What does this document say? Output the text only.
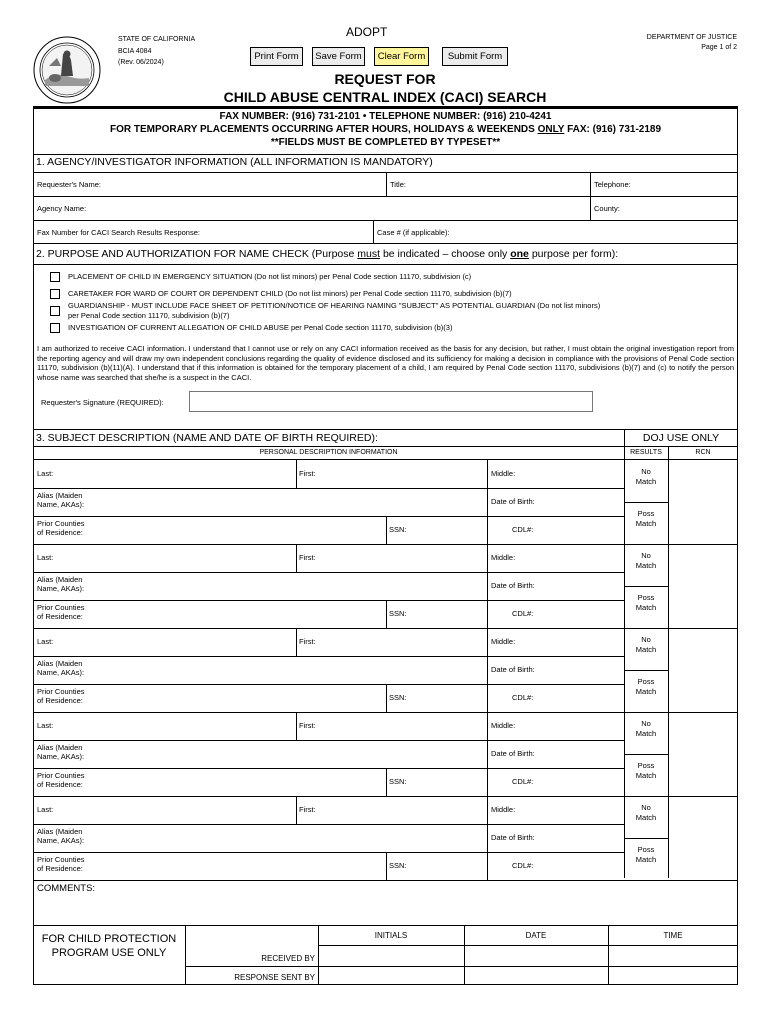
STATE OF CALIFORNIA
BCIA 4084
(Rev. 06/2024)
ADOPT
Print Form	Save Form	Clear Form	Submit Form
DEPARTMENT OF JUSTICE
Page 1 of 2
REQUEST FOR
CHILD ABUSE CENTRAL INDEX (CACI) SEARCH
FAX NUMBER: (916) 731-2101 • TELEPHONE NUMBER: (916) 210-4241
FOR TEMPORARY PLACEMENTS OCCURRING AFTER HOURS, HOLIDAYS & WEEKENDS ONLY FAX: (916) 731-2189
**FIELDS MUST BE COMPLETED BY TYPESET**
1. AGENCY/INVESTIGATOR INFORMATION (ALL INFORMATION IS MANDATORY)
Requester's Name:	Title:	Telephone:
Agency Name:	County:
Fax Number for CACI Search Results Response:	Case # (if applicable):
2. PURPOSE AND AUTHORIZATION FOR NAME CHECK (Purpose must be indicated – choose only one purpose per form):
PLACEMENT OF CHILD IN EMERGENCY SITUATION (Do not list minors) per Penal Code section 11170, subdivision (c)
CARETAKER FOR WARD OF COURT OR DEPENDENT CHILD (Do not list minors) per Penal Code section 11170, subdivision (b)(7)
GUARDIANSHIP - MUST INCLUDE FACE SHEET OF PETITION/NOTICE OF HEARING NAMING "SUBJECT" AS POTENTIAL GUARDIAN (Do not list minors)
per Penal Code section 11170, subdivision (b)(7)
INVESTIGATION OF CURRENT ALLEGATION OF CHILD ABUSE per Penal Code section 11170, subdivision (b)(3)
I am authorized to receive CACI information. I understand that I cannot use or rely on any CACI information received as the basis for any decision, but rather, I must obtain the original investigation report from the reporting agency and will draw my own independent conclusions regarding the quality of evidence disclosed and its sufficiency for making a decision in compliance with the provisions of Penal Code section 11170, subdivision (b)(11)(A). I understand that if this information is obtained for the temporary placement of a child, I am required by Penal Code section 11170, subdivisions (b)(7) and (c) to notify the person whose name was searched that she/he is a suspect in the CACI.
Requester's Signature (REQUIRED):
3. SUBJECT DESCRIPTION (NAME AND DATE OF BIRTH REQUIRED):	DOJ USE ONLY
PERSONAL DESCRIPTION INFORMATION	RESULTS	RCN
Last:	First:	Middle:
Alias (Maiden
Name, AKAs):	Date of Birth:
Prior Counties
of Residence:	SSN:	CDL#:
No
Match
Poss
Match
Last:	First:	Middle:
Alias (Maiden
Name, AKAs):	Date of Birth:
Prior Counties
of Residence:	SSN:	CDL#:
No
Match
Poss
Match
Last:	First:	Middle:
Alias (Maiden
Name, AKAs):	Date of Birth:
Prior Counties
of Residence:	SSN:	CDL#:
No
Match
Poss
Match
Last:	First:	Middle:
Alias (Maiden
Name, AKAs):	Date of Birth:
Prior Counties
of Residence:	SSN:	CDL#:
No
Match
Poss
Match
Last:	First:	Middle:
Alias (Maiden
Name, AKAs):	Date of Birth:
Prior Counties
of Residence:	SSN:	CDL#:
No
Match
Poss
Match
COMMENTS:
FOR CHILD PROTECTION
PROGRAM USE ONLY
INITIALS	DATE	TIME
RECEIVED BY
RESPONSE SENT BY
